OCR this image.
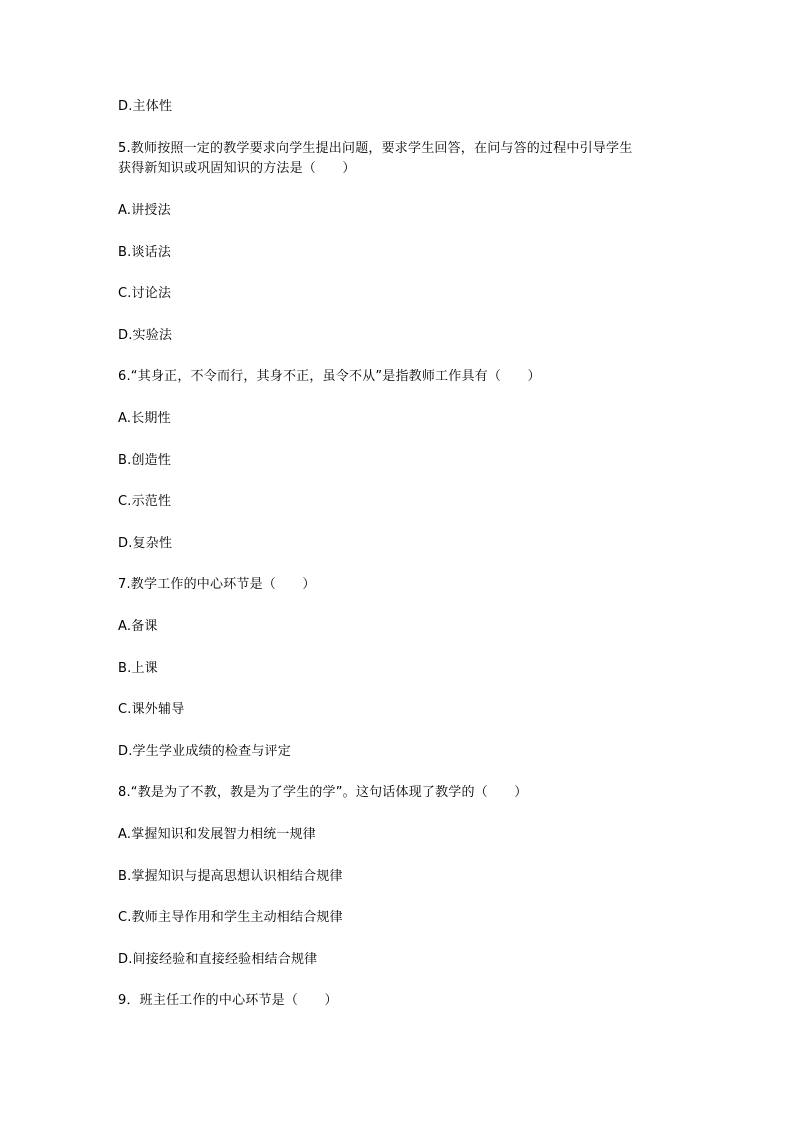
D.主体性
5.教师按照一定的教学要求向学生提出问题，要求学生回答，在问与答的过程中引导学生
获得新知识或巩固知识的方法是（　　）
A.讲授法
B.谈话法
C.讨论法
D.实验法
6.“其身正，不令而行，其身不正，虽令不从”是指教师工作具有（　　）
A.长期性
B.创造性
C.示范性
D.复杂性
7.教学工作的中心环节是（　　）
A.备课
B.上课
C.课外辅导
D.学生学业成绩的检查与评定
8.“教是为了不教，教是为了学生的学”。这句话体现了教学的（　　）
A.掌握知识和发展智力相统一规律
B.掌握知识与提高思想认识相结合规律
C.教师主导作用和学生主动相结合规律
D.间接经验和直接经验相结合规律
9．班主任工作的中心环节是（　　）
